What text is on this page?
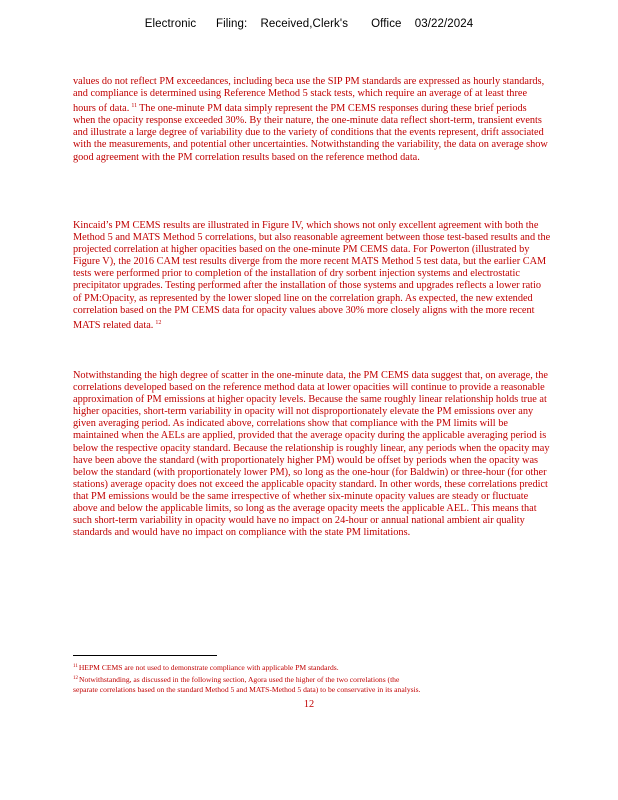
Electronic      Filing:    Received,Clerk's       Office    03/22/2024

values do not reflect PM exceedances, including beca use the SIP PM standards are expressed as hourly standards, and compliance is determined using Reference Method 5 stack tests, which require an average of at least three hours of data. $^{11}$ The one-minute PM data simply represent the PM CEMS responses during these brief periods when the opacity response exceeded 30%. By their nature, the one-minute data reflect short-term, transient events and illustrate a large degree of variability due to the variety of conditions that the events represent, drift associated with the measurements, and potential other uncertainties. Notwithstanding the variability, the data on average show good agreement with the PM correlation results based on the reference method data.

Kincaid’s PM CEMS results are illustrated in Figure IV, which shows not only excellent agreement with both the Method 5 and MATS Method 5 correlations, but also reasonable agreement between those test-based results and the projected correlation at higher opacities based on the one-minute PM CEMS data. For Powerton (illustrated by Figure V), the 2016 CAM test results diverge from the more recent MATS Method 5 test data, but the earlier CAM tests were performed prior to completion of the installation of dry sorbent injection systems and electrostatic precipitator upgrades. Testing performed after the installation of those systems and upgrades reflects a lower ratio of PM:Opacity, as represented by the lower sloped line on the correlation graph. As expected, the new extended correlation based on the PM CEMS data for opacity values above 30% more closely aligns with the more recent MATS related data. $^{12}$

Notwithstanding the high degree of scatter in the one-minute data, the PM CEMS data suggest that, on average, the correlations developed based on the reference method data at lower opacities will continue to provide a reasonable approximation of PM emissions at higher opacity levels. Because the same roughly linear relationship holds true at higher opacities, short-term variability in opacity will not disproportionately elevate the PM emissions over any given averaging period. As indicated above, correlations show that compliance with the PM limits will be maintained when the AELs are applied, provided that the average opacity during the applicable averaging period is below the respective opacity standard. Because the relationship is roughly linear, any periods when the opacity may have been above the standard (with proportionately higher PM) would be offset by periods when the opacity was below the standard (with proportionately lower PM), so long as the one-hour (for Baldwin) or three-hour (for other stations) average opacity does not exceed the applicable opacity standard. In other words, these correlations predict that PM emissions would be the same irrespective of whether six-minute opacity values are steady or fluctuate above and below the applicable limits, so long as the average opacity meets the applicable AEL. This means that such short-term variability in opacity would have no impact on 24-hour or annual national ambient air quality standards and would have no impact on compliance with the state PM limitations.

$^{11}$HEPM CEMS are not used to demonstrate compliance with applicable PM standards.
$^{12}$Notwithstanding, as discussed in the following section, Agora used the higher of the two correlations (the
separate correlations based on the standard Method 5 and MATS-Method 5 data) to be conservative in its analysis.
12
